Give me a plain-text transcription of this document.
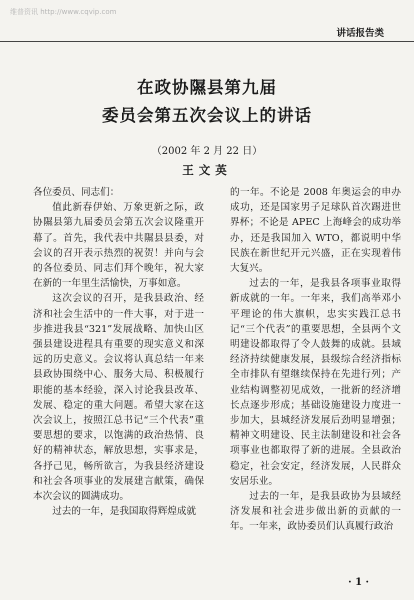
维普资讯 http://www.cqvip.com
讲话报告类
在政协隰县第九届
委员会第五次会议上的讲话
（2002 年 2 月 22 日）
王文英

各位委员、同志们：

值此新春伊始、万象更新之际，政协隰县第九届委员会第五次会议隆重开幕了。首先，我代表中共隰县县委，对会议的召开表示热烈的祝贺！并向与会的各位委员、同志们拜个晚年，祝大家在新的一年里生活愉快，万事如意。

这次会议的召开，是我县政治、经济和社会生活中的一件大事，对于进一步推进我县“321”发展战略、加快山区强县建设进程具有重要的现实意义和深远的历史意义。会议将认真总结一年来县政协围绕中心、服务大局、积极履行职能的基本经验，深入讨论我县改革、发展、稳定的重大问题。希望大家在这次会议上，按照江总书记“三个代表”重要思想的要求，以饱满的政治热情、良好的精神状态，解放思想，实事求是，各抒己见，畅所欲言，为我县经济建设和社会各项事业的发展建言献策，确保本次会议的圆满成功。

过去的一年，是我国取得辉煌成就

的一年。不论是 2008 年奥运会的申办成功，还是国家男子足球队首次踢进世界杯；不论是 APEC 上海峰会的成功举办，还是我国加入 WTO，都说明中华民族在新世纪开元兴盛，正在实现着伟大复兴。

过去的一年，是我县各项事业取得新成就的一年。一年来，我们高举邓小平理论的伟大旗帜，忠实实践江总书记“三个代表”的重要思想，全县两个文明建设都取得了令人鼓舞的成就。县域经济持续健康发展，县级综合经济指标全市排队有望继续保持在先进行列；产业结构调整初见成效，一批新的经济增长点逐步形成；基础设施建设力度进一步加大，县城经济发展后劲明显增强；精神文明建设、民主法制建设和社会各项事业也都取得了新的进展。全县政治稳定，社会安定，经济发展，人民群众安居乐业。

过去的一年，是我县政协为县域经济发展和社会进步做出新的贡献的一年。一年来，政协委员们认真履行政治

· 1 ·
